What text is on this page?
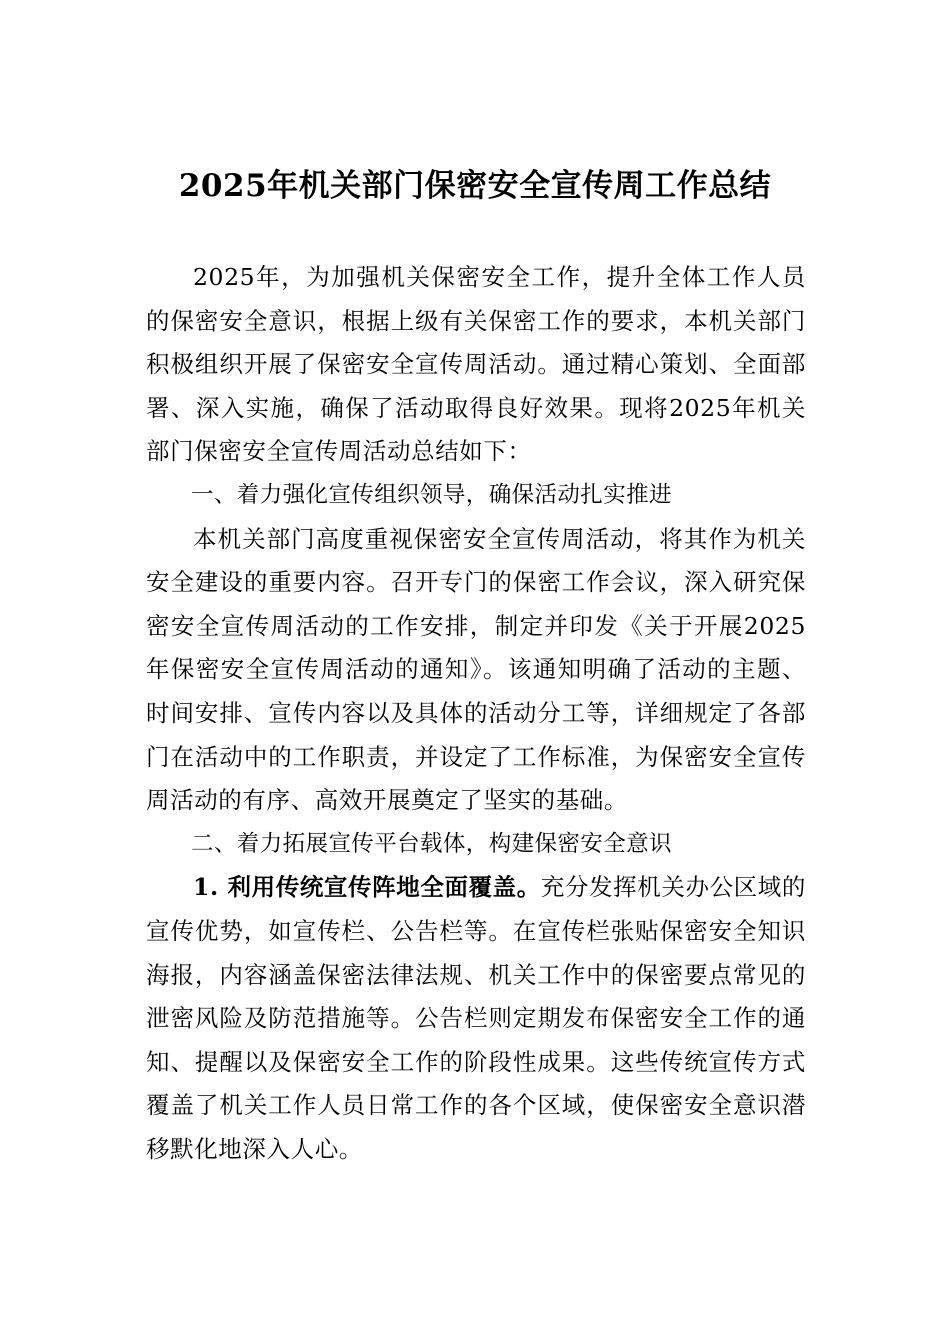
2025年机关部门保密安全宣传周工作总结

2025年，为加强机关保密安全工作，提升全体工作人员的保密安全意识，根据上级有关保密工作的要求，本机关部门积极组织开展了保密安全宣传周活动。通过精心策划、全面部署、深入实施，确保了活动取得良好效果。现将2025年机关部门保密安全宣传周活动总结如下：

一、着力强化宣传组织领导，确保活动扎实推进

本机关部门高度重视保密安全宣传周活动，将其作为机关安全建设的重要内容。召开专门的保密工作会议，深入研究保密安全宣传周活动的工作安排，制定并印发《关于开展2025年保密安全宣传周活动的通知》。该通知明确了活动的主题、时间安排、宣传内容以及具体的活动分工等，详细规定了各部门在活动中的工作职责，并设定了工作标准，为保密安全宣传周活动的有序、高效开展奠定了坚实的基础。

二、着力拓展宣传平台载体，构建保密安全意识

1. 利用传统宣传阵地全面覆盖。充分发挥机关办公区域的宣传优势，如宣传栏、公告栏等。在宣传栏张贴保密安全知识海报，内容涵盖保密法律法规、机关工作中的保密要点常见的泄密风险及防范措施等。公告栏则定期发布保密安全工作的通知、提醒以及保密安全工作的阶段性成果。这些传统宣传方式覆盖了机关工作人员日常工作的各个区域，使保密安全意识潜移默化地深入人心。
